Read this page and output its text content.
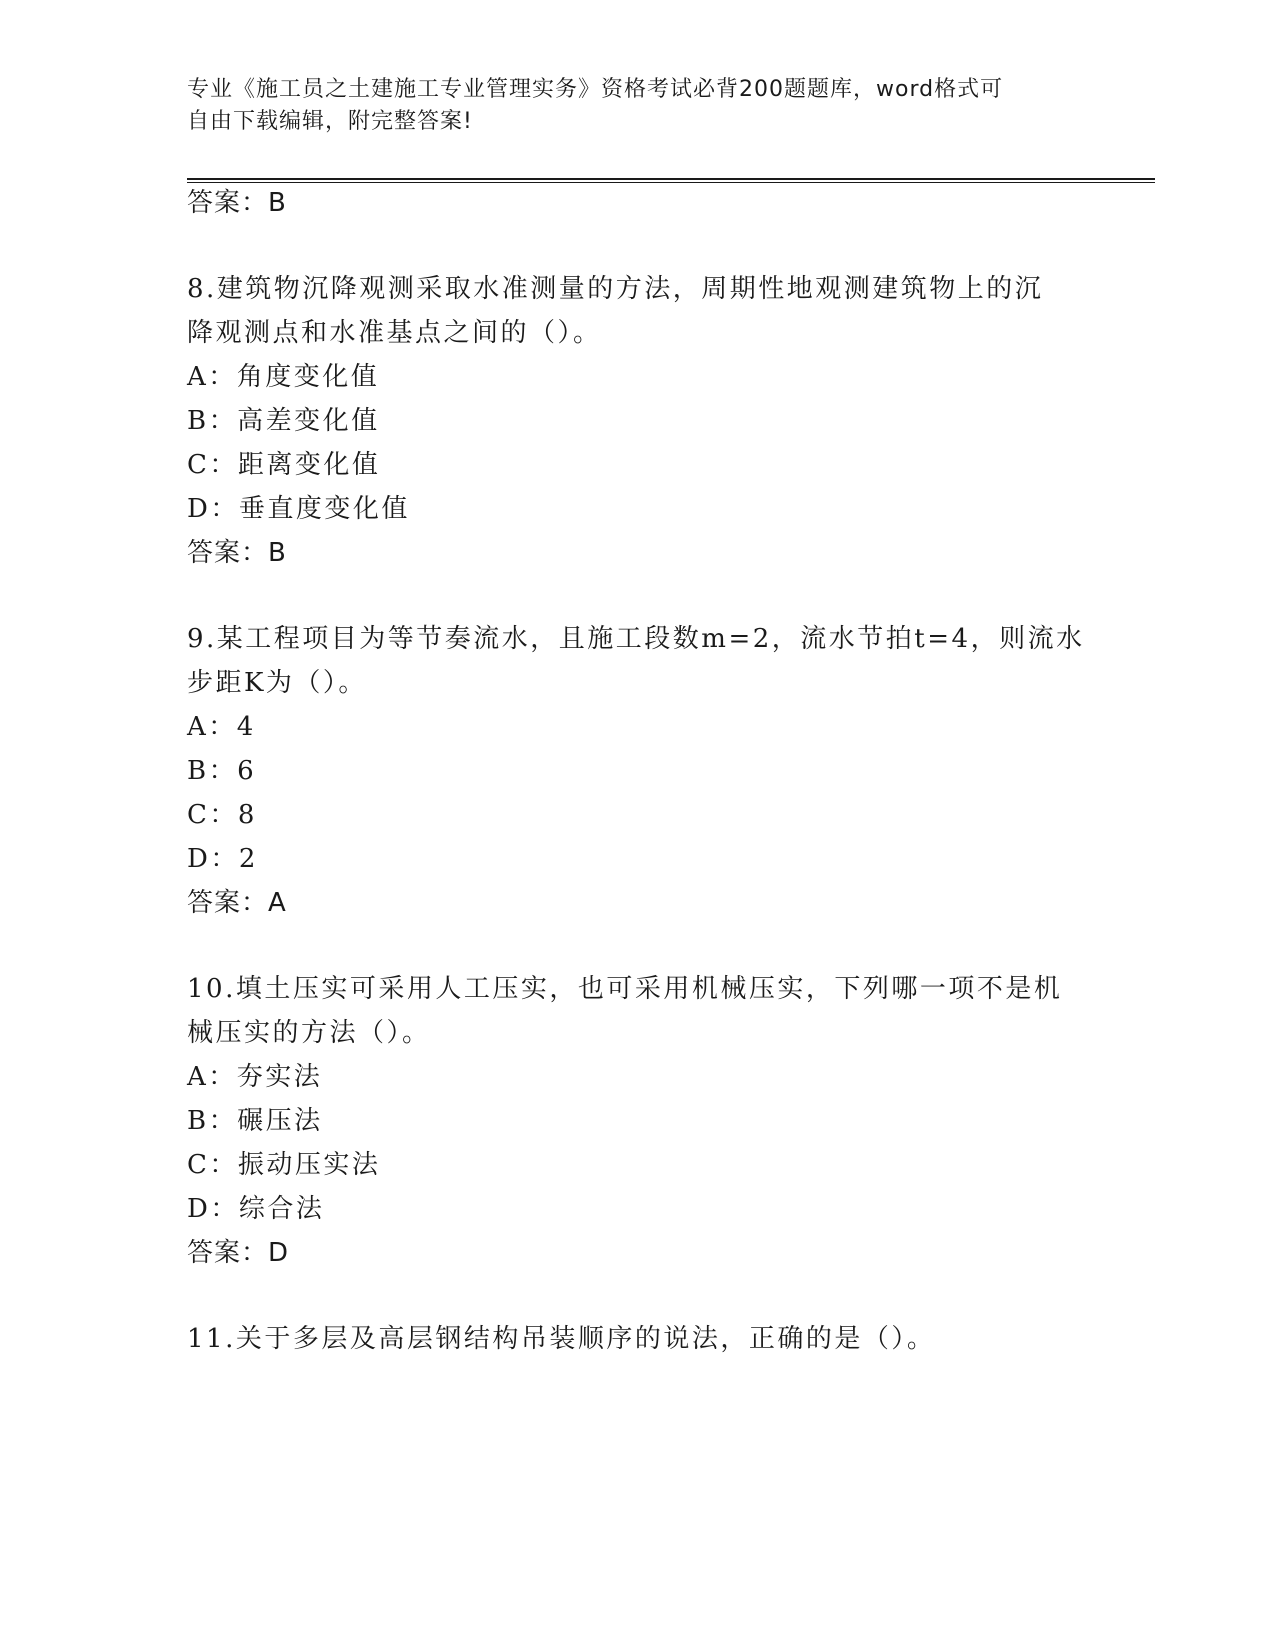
专业《施工员之土建施工专业管理实务》资格考试必背200题题库，word格式可
自由下载编辑，附完整答案!
答案：B
8.建筑物沉降观测采取水准测量的方法，周期性地观测建筑物上的沉
降观测点和水准基点之间的（）。
A：角度变化值
B：高差变化值
C：距离变化值
D：垂直度变化值
答案：B
9.某工程项目为等节奏流水，且施工段数m=2，流水节拍t=4，则流水
步距K为（）。
A：4
B：6
C：8
D：2
答案：A
10.填土压实可采用人工压实，也可采用机械压实，下列哪一项不是机
械压实的方法（）。
A：夯实法
B：碾压法
C：振动压实法
D：综合法
答案：D
11.关于多层及高层钢结构吊装顺序的说法，正确的是（）。
